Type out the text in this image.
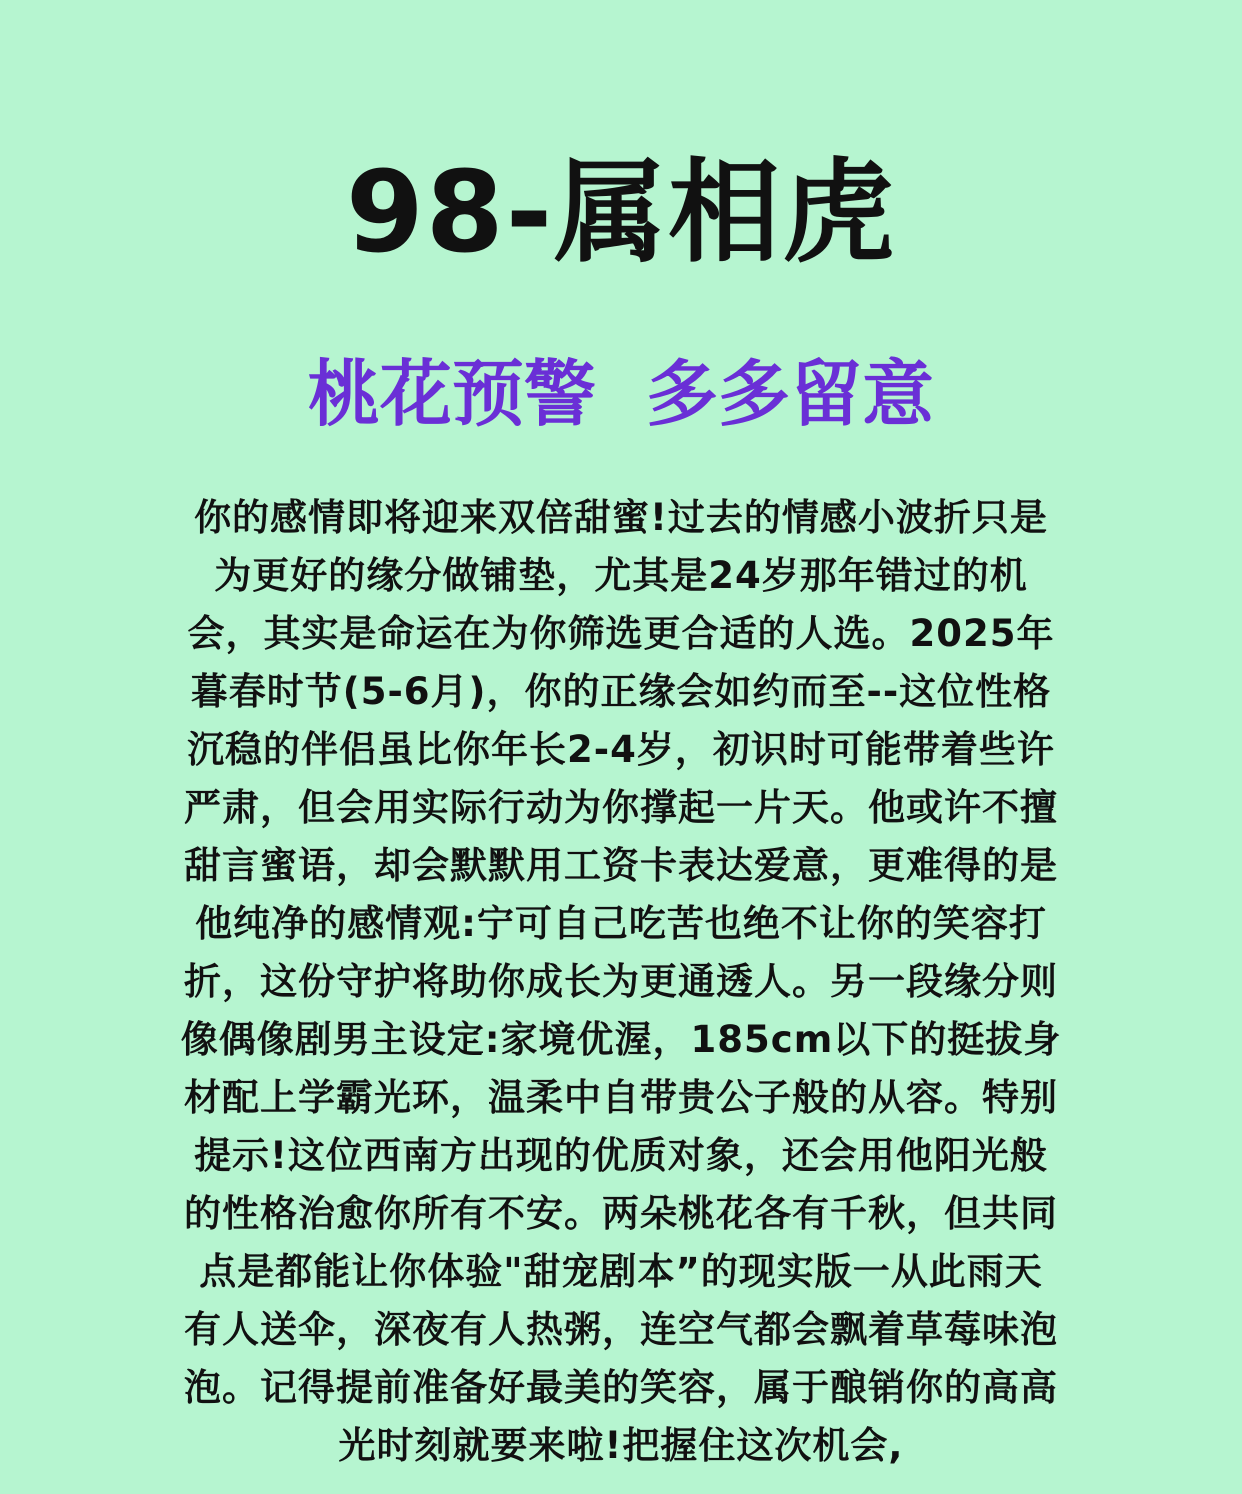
98-属相虎
桃花预警  多多留意
你的感情即将迎来双倍甜蜜!过去的情感小波折只是
为更好的缘分做铺垫，尤其是24岁那年错过的机
会，其实是命运在为你筛选更合适的人选。2025年
暮春时节(5-6月)，你的正缘会如约而至--这位性格
沉稳的伴侣虽比你年长2-4岁，初识时可能带着些许
严肃，但会用实际行动为你撑起一片天。他或许不擅
甜言蜜语，却会默默用工资卡表达爱意，更难得的是
他纯净的感情观:宁可自己吃苦也绝不让你的笑容打
折，这份守护将助你成长为更通透人。另一段缘分则
像偶像剧男主设定:家境优渥，185cm以下的挺拔身
材配上学霸光环，温柔中自带贵公子般的从容。特别
提示!这位西南方出现的优质对象，还会用他阳光般
的性格治愈你所有不安。两朵桃花各有千秋，但共同
点是都能让你体验"甜宠剧本”的现实版一从此雨天
有人送伞，深夜有人热粥，连空气都会飘着草莓味泡
泡。记得提前准备好最美的笑容，属于酿销你的高高
光时刻就要来啦!把握住这次机会,
